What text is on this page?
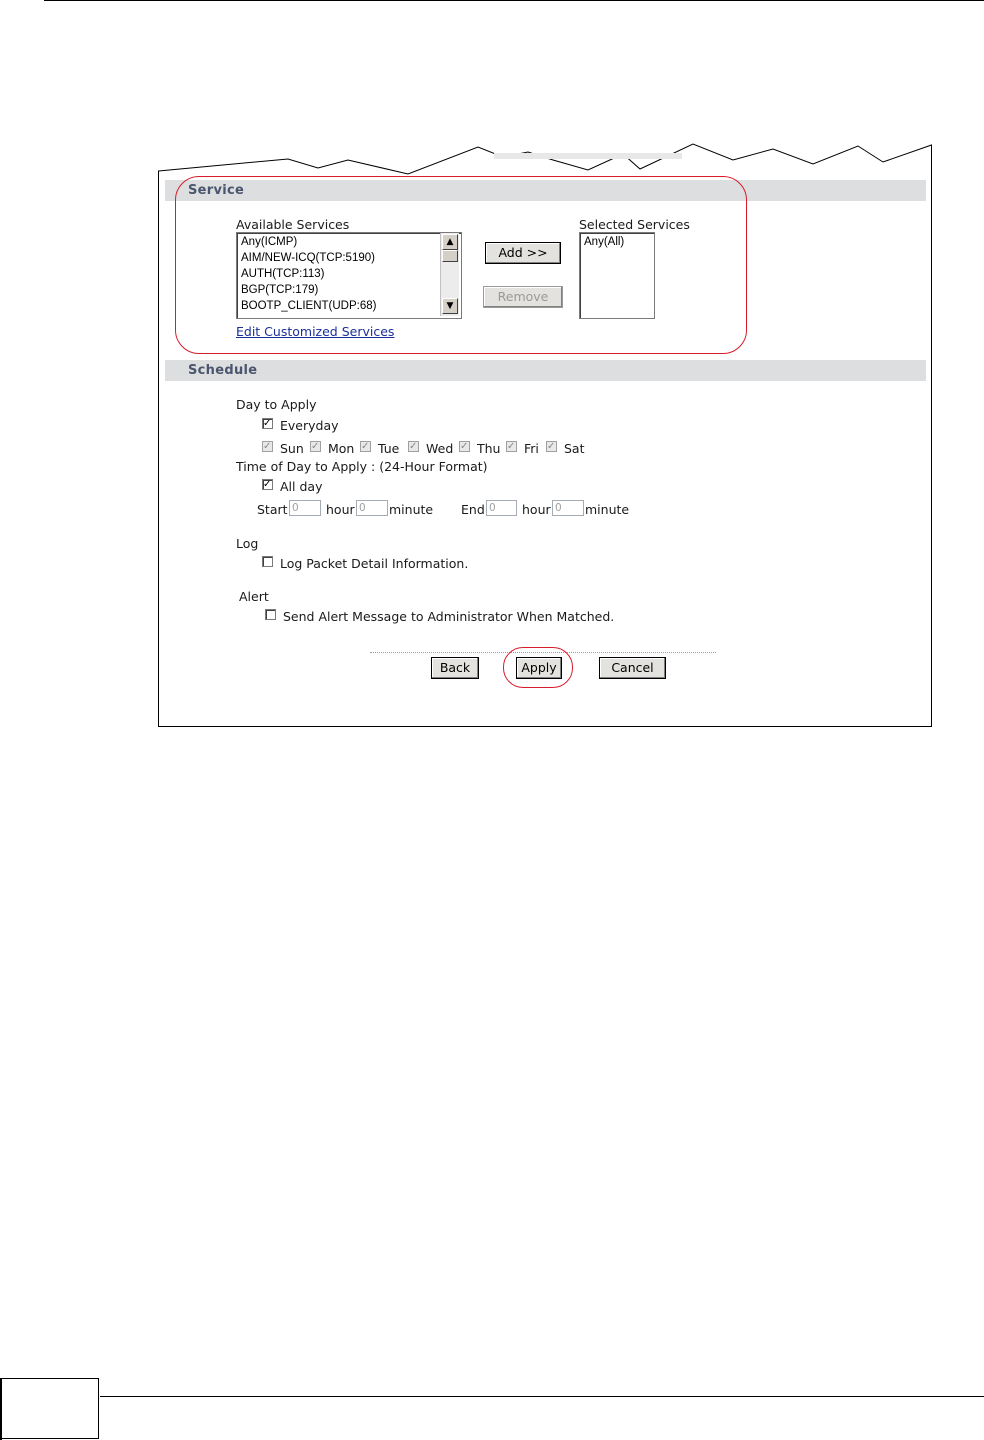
Service
Available Services
Any(ICMP)
AIM/NEW-ICQ(TCP:5190)
AUTH(TCP:113)
BGP(TCP:179)
BOOTP_CLIENT(UDP:68)
▲
▼
Add >>
Remove
Selected Services
Any(All)
Edit Customized Services
Schedule
Day to Apply
✓
Everyday
✓
Sun ✓ Mon ✓ Tue ✓ Wed ✓ Thu ✓ Fri ✓ Sat
Time of Day to Apply : (24-Hour Format)
✓
All day
Start 0	hour 0	minute End 0	hour 0	minute
Log
Log Packet Detail Information.
Alert
Send Alert Message to Administrator When Matched.
Back	Apply	Cancel
